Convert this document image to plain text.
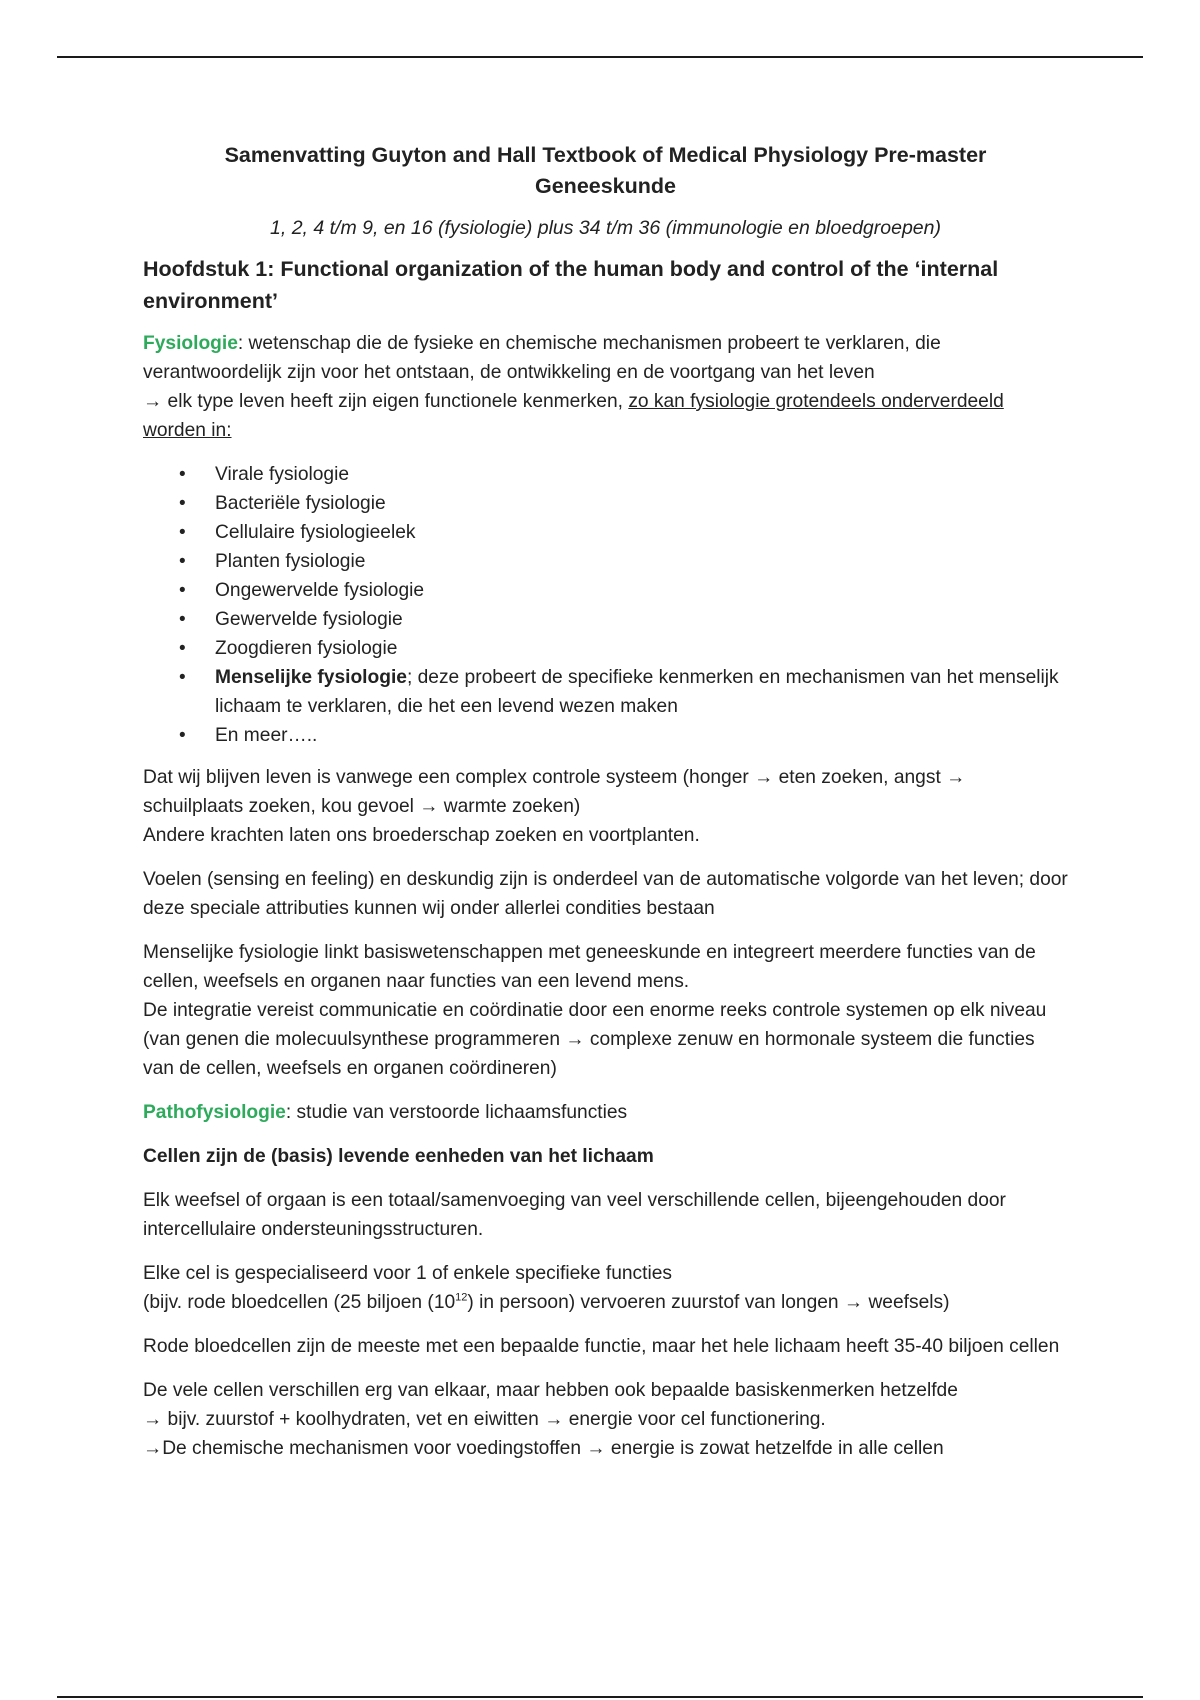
Samenvatting Guyton and Hall Textbook of Medical Physiology Pre-master Geneeskunde
1, 2, 4 t/m 9, en 16 (fysiologie) plus 34 t/m 36 (immunologie en bloedgroepen)
Hoofdstuk 1: Functional organization of the human body and control of the ‘internal environment’

Fysiologie: wetenschap die de fysieke en chemische mechanismen probeert te verklaren, die verantwoordelijk zijn voor het ontstaan, de ontwikkeling en de voortgang van het leven
→ elk type leven heeft zijn eigen functionele kenmerken, zo kan fysiologie grotendeels onderverdeeld worden in:

• Virale fysiologie
• Bacteriële fysiologie
• Cellulaire fysiologieelek
• Planten fysiologie
• Ongewervelde fysiologie
• Gewervelde fysiologie
• Zoogdieren fysiologie
• Menselijke fysiologie; deze probeert de specifieke kenmerken en mechanismen van het menselijk lichaam te verklaren, die het een levend wezen maken
• En meer…..

Dat wij blijven leven is vanwege een complex controle systeem (honger → eten zoeken, angst → schuilplaats zoeken, kou gevoel → warmte zoeken)
Andere krachten laten ons broederschap zoeken en voortplanten.

Voelen (sensing en feeling) en deskundig zijn is onderdeel van de automatische volgorde van het leven; door deze speciale attributies kunnen wij onder allerlei condities bestaan

Menselijke fysiologie linkt basiswetenschappen met geneeskunde en integreert meerdere functies van de cellen, weefsels en organen naar functies van een levend mens.
De integratie vereist communicatie en coördinatie door een enorme reeks controle systemen op elk niveau (van genen die molecuulsynthese programmeren → complexe zenuw en hormonale systeem die functies van de cellen, weefsels en organen coördineren)

Pathofysiologie: studie van verstoorde lichaamsfuncties

Cellen zijn de (basis) levende eenheden van het lichaam

Elk weefsel of orgaan is een totaal/samenvoeging van veel verschillende cellen, bijeengehouden door intercellulaire ondersteuningsstructuren.

Elke cel is gespecialiseerd voor 1 of enkele specifieke functies
(bijv. rode bloedcellen (25 biljoen $(10^{12})$ in persoon) vervoeren zuurstof van longen → weefsels)

Rode bloedcellen zijn de meeste met een bepaalde functie, maar het hele lichaam heeft 35-40 biljoen cellen

De vele cellen verschillen erg van elkaar, maar hebben ook bepaalde basiskenmerken hetzelfde
→ bijv. zuurstof + koolhydraten, vet en eiwitten → energie voor cel functionering.
→De chemische mechanismen voor voedingstoffen → energie is zowat hetzelfde in alle cellen
